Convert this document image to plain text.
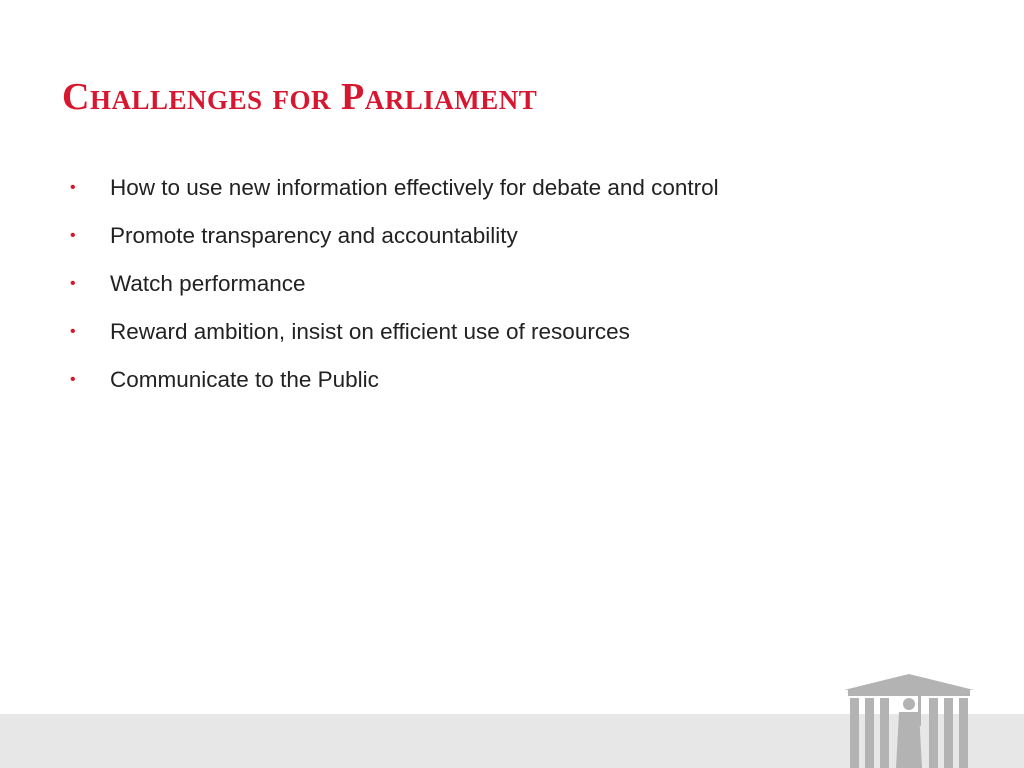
Challenges for Parliament
•	How to use new information effectively for debate and control
•	Promote transparency and accountability
•	Watch performance
•	Reward ambition, insist on efficient use of resources
•	Communicate to the Public
